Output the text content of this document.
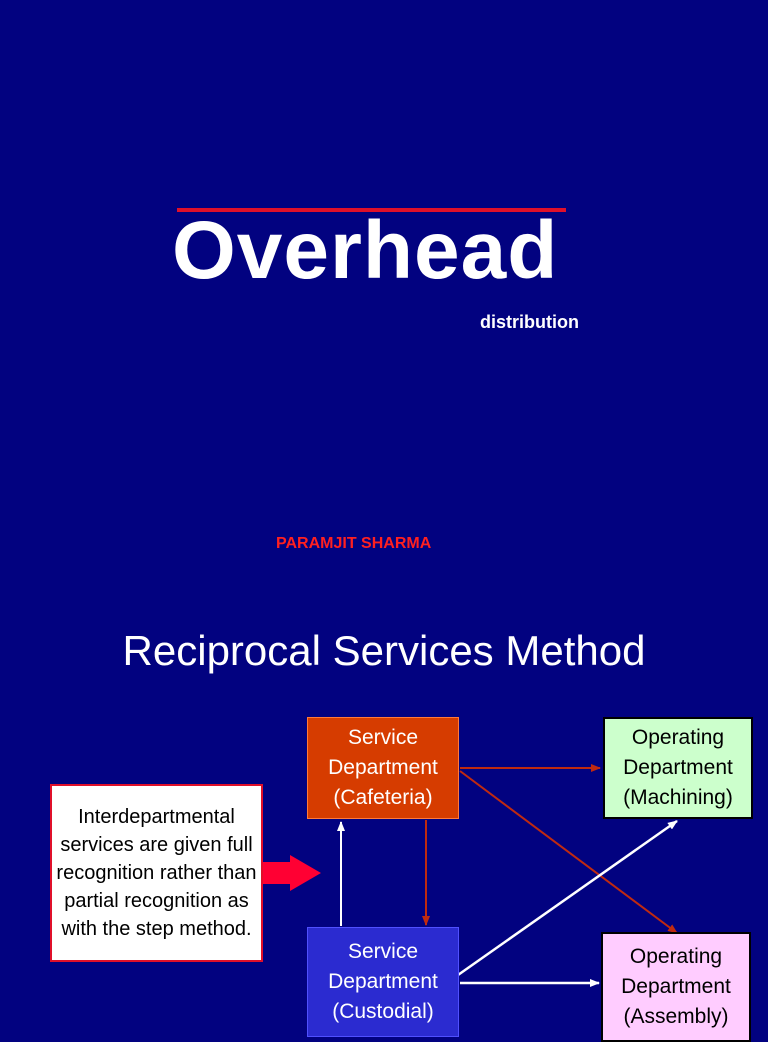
Overhead
distribution
PARAMJIT SHARMA
Reciprocal Services Method
Interdepartmental services are given full recognition rather than partial recognition as with the step method.
Service
Department
(Cafeteria)
Service
Department
(Custodial)
Operating
Department
(Machining)
Operating
Department
(Assembly)
